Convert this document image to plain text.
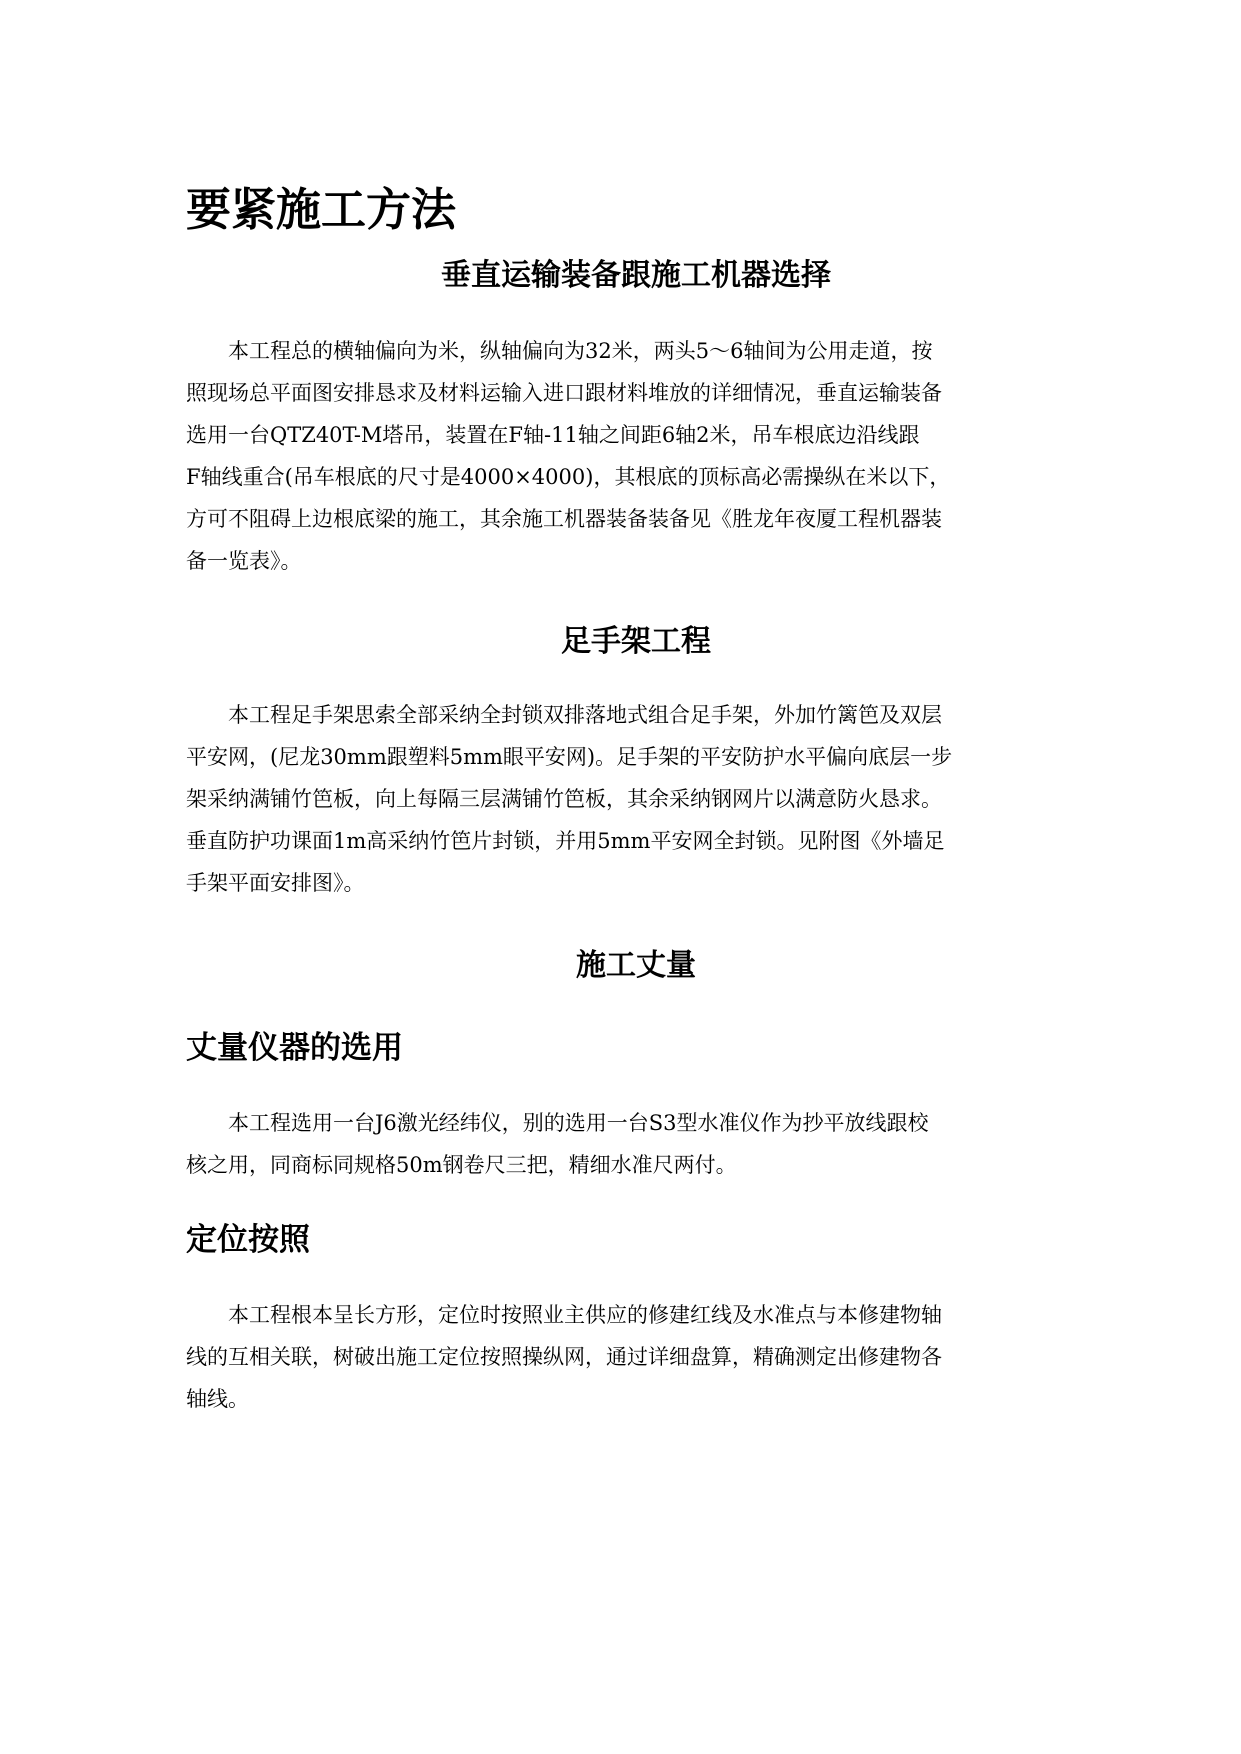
要紧施工方法
垂直运输装备跟施工机器选择
本工程总的横轴偏向为米，纵轴偏向为32米，两头5～6轴间为公用走道，按
照现场总平面图安排恳求及材料运输入进口跟材料堆放的详细情况，垂直运输装备
选用一台QTZ40T-M塔吊，装置在F轴-11轴之间距6轴2米，吊车根底边沿线跟
F轴线重合(吊车根底的尺寸是4000×4000)，其根底的顶标高必需操纵在米以下，
方可不阻碍上边根底梁的施工，其余施工机器装备装备见《胜龙年夜厦工程机器装
备一览表》。
足手架工程
本工程足手架思索全部采纳全封锁双排落地式组合足手架，外加竹篱笆及双层
平安网，(尼龙30mm跟塑料5mm眼平安网)。足手架的平安防护水平偏向底层一步
架采纳满铺竹笆板，向上每隔三层满铺竹笆板，其余采纳钢网片以满意防火恳求。
垂直防护功课面1m高采纳竹笆片封锁，并用5mm平安网全封锁。见附图《外墙足
手架平面安排图》。
施工丈量
丈量仪器的选用
本工程选用一台J6激光经纬仪，别的选用一台S3型水准仪作为抄平放线跟校
核之用，同商标同规格50m钢卷尺三把，精细水准尺两付。
定位按照
本工程根本呈长方形，定位时按照业主供应的修建红线及水准点与本修建物轴
线的互相关联，树破出施工定位按照操纵网，通过详细盘算，精确测定出修建物各
轴线。
